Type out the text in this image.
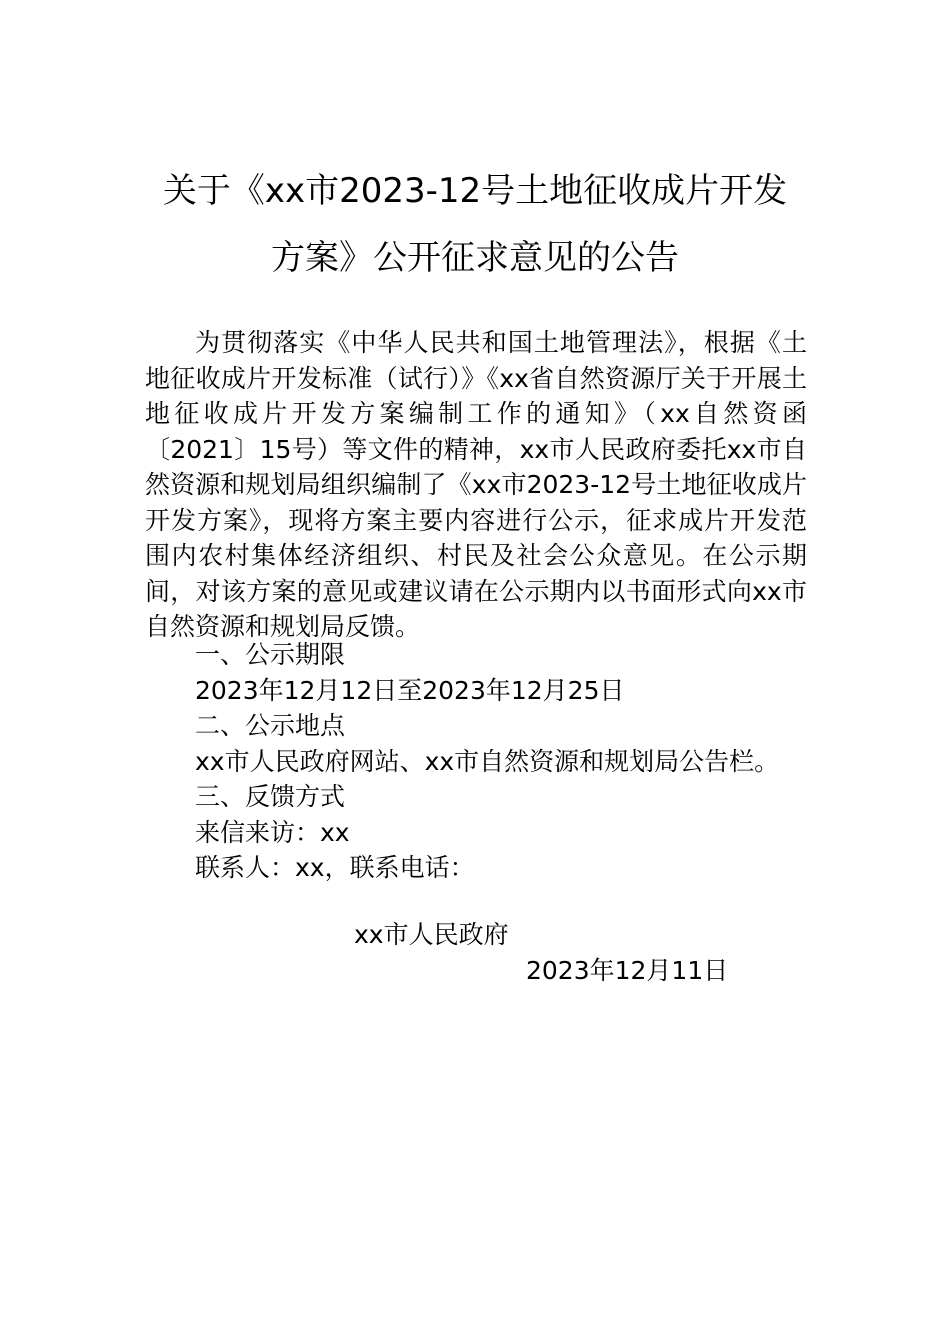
关于《xx市2023-12号土地征收成片开发
方案》公开征求意见的公告

为贯彻落实《中华人民共和国土地管理法》，根据《土地征收成片开发标准（试行）》《xx省自然资源厅关于开展土地征收成片开发方案编制工作的通知》（xx自然资函〔2021〕15号）等文件的精神，xx市人民政府委托xx市自然资源和规划局组织编制了《xx市2023-12号土地征收成片开发方案》，现将方案主要内容进行公示，征求成片开发范围内农村集体经济组织、村民及社会公众意见。在公示期间，对该方案的意见或建议请在公示期内以书面形式向xx市自然资源和规划局反馈。

一、公示期限

2023年12月12日至2023年12月25日

二、公示地点

xx市人民政府网站、xx市自然资源和规划局公告栏。

三、反馈方式

来信来访：xx

联系人：xx，联系电话：

xx市人民政府

2023年12月11日
